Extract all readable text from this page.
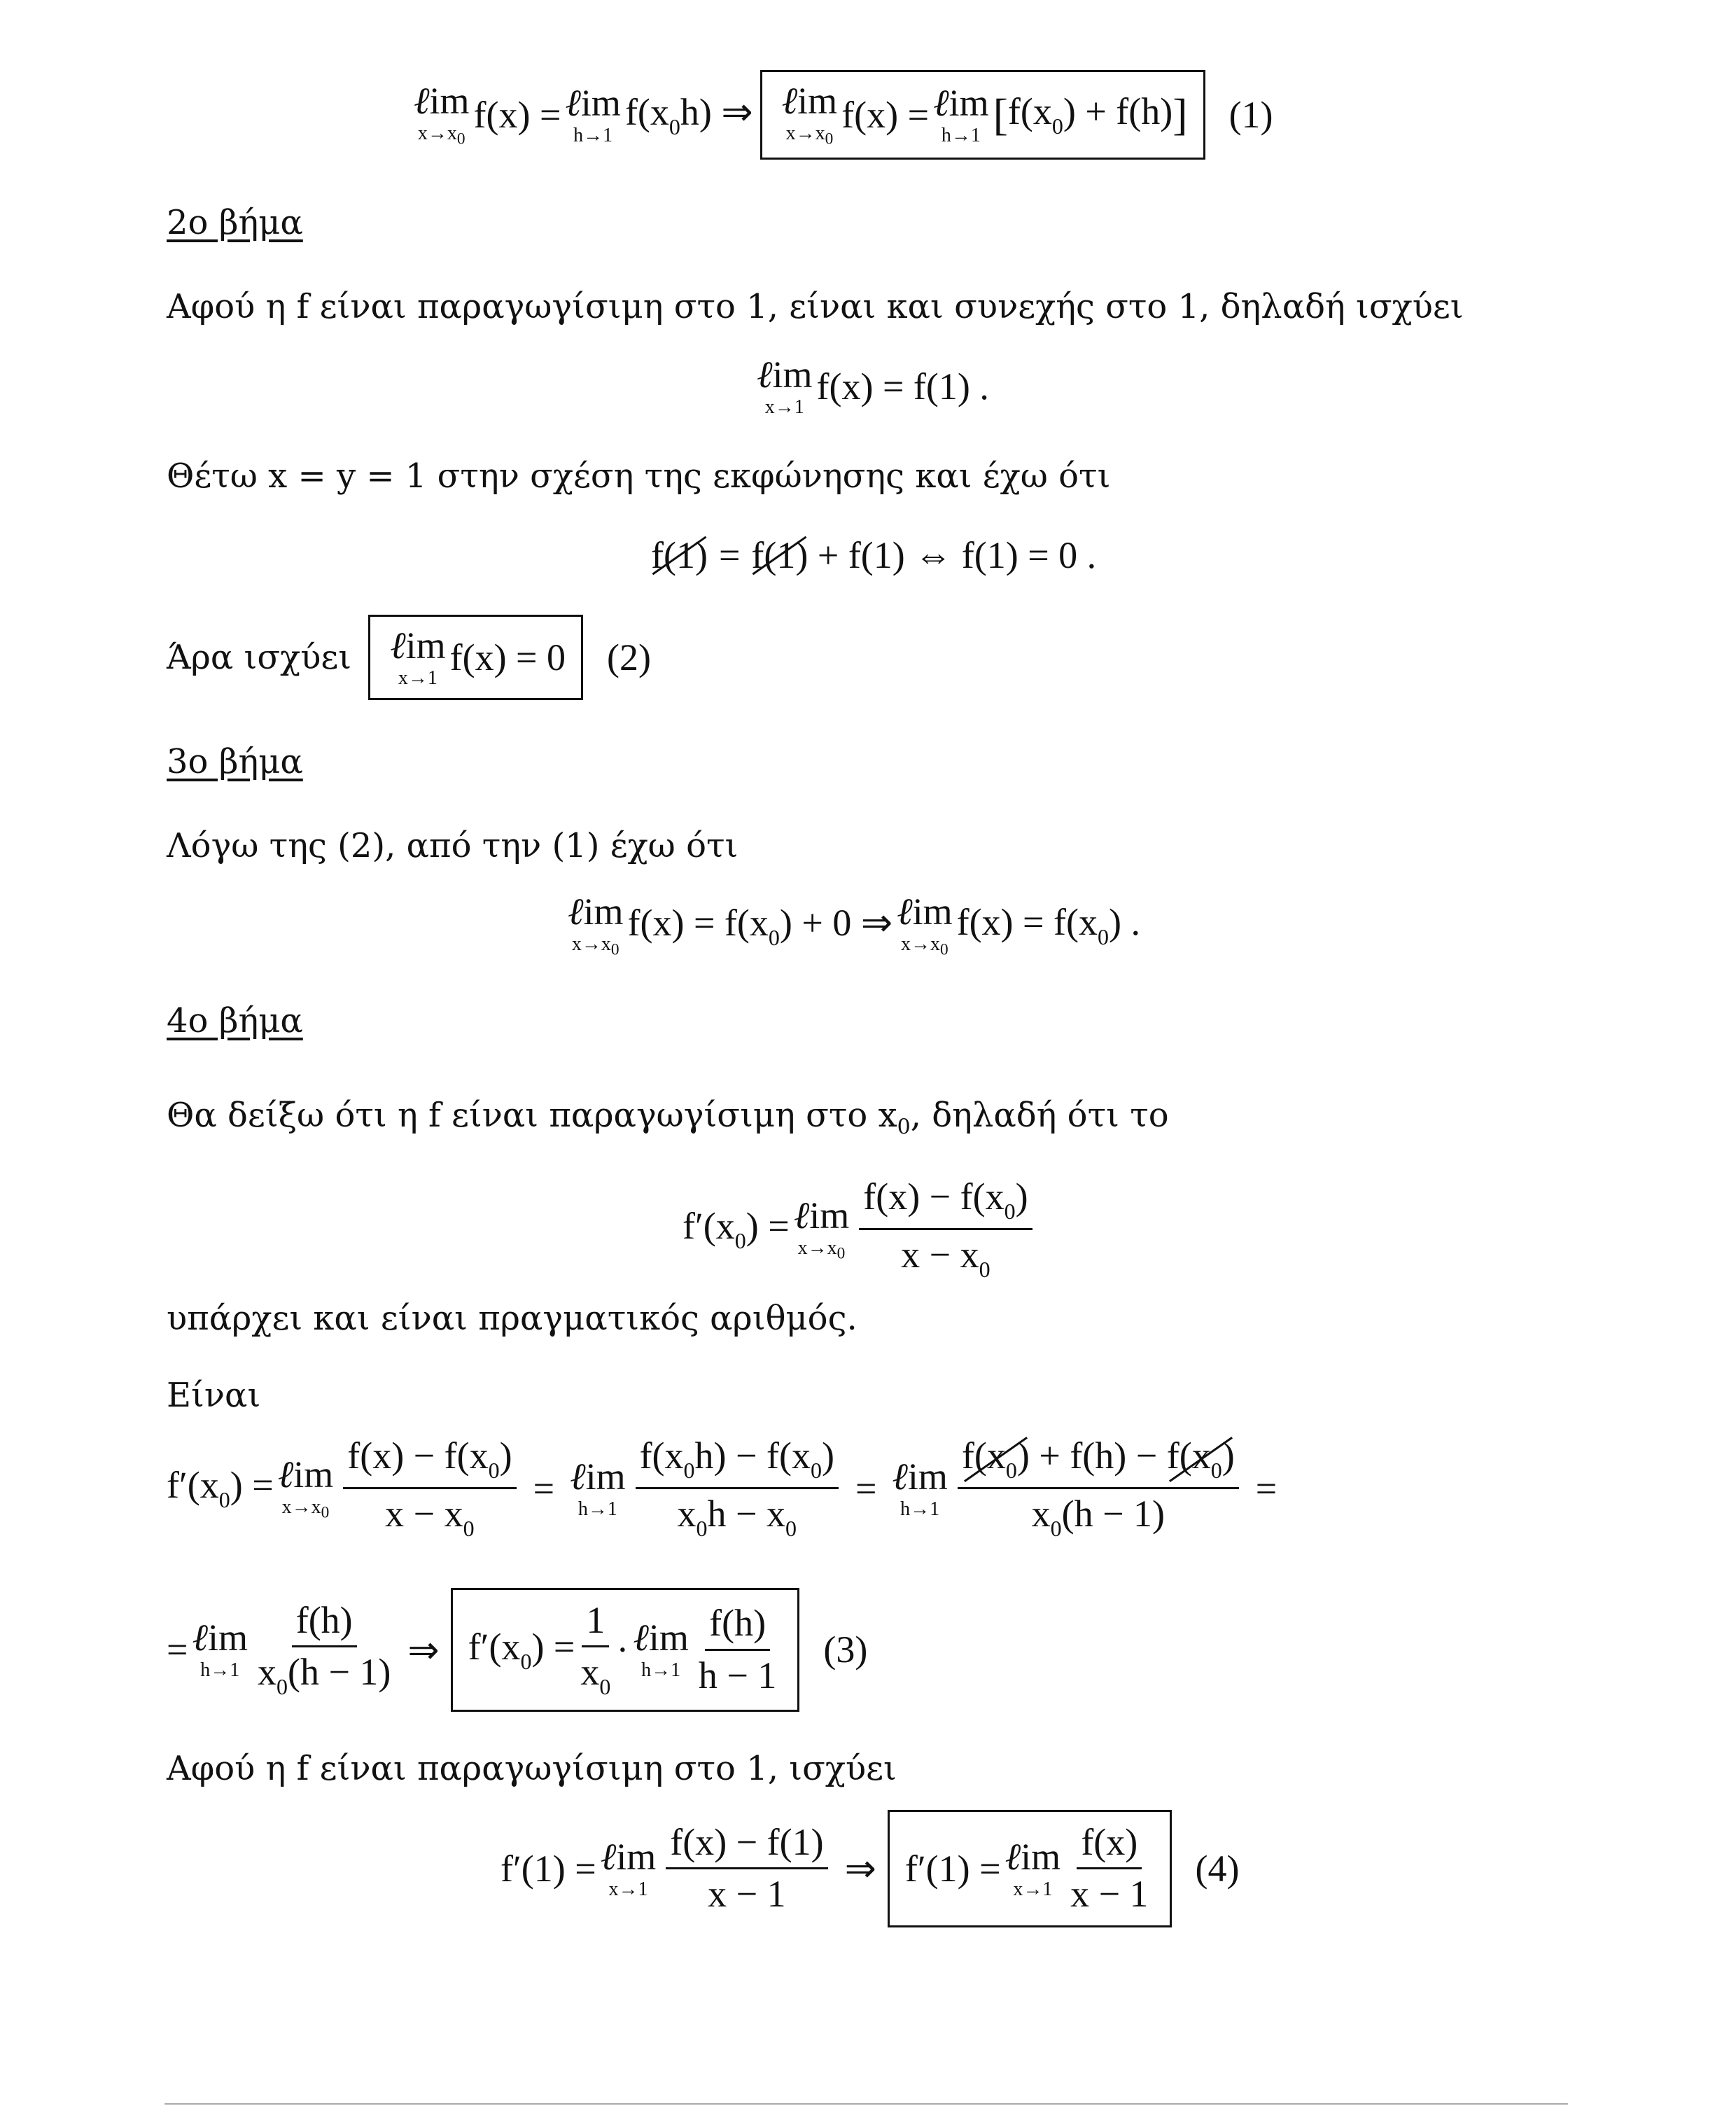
ℓim
$x\to x_0$
f(x) = ℓim
h→1
$f(x_0h)$ ⇒ ℓim
$x\to x_0$
f(x) = ℓim
h→1 [ $f(x_0) + f(h)$ ] (1)
2ο βήμα
Αφού η f είναι παραγωγίσιμη στο 1, είναι και συνεχής στο 1, δηλαδή ισχύει
ℓim
x→1 f(x) = f(1) .
Θέτω x = y = 1 στην σχέση της εκφώνησης και έχω ότι
f(1) = f(1) + f(1) ⇔ f(1) = 0 .
Άρα ισχύει ℓim
x→1 f(x) = 0 (2)
3ο βήμα
Λόγω της (2), από την (1) έχω ότι
ℓim
$x\to x_0$
$f(x) = f(x_0) + 0$ ⇒ ℓim
$x\to x_0$
$f(x) = f(x_0)$ .
4ο βήμα
Θα δείξω ότι η f είναι παραγωγίσιμη στο $x_0$, δηλαδή ότι το
$f'(x_0)$ = ℓim
$x\to x_0 \frac{f(x) - f(x_0)}{x - x_0}$
υπάρχει και είναι πραγματικός αριθμός.
Είναι
$f'(x_0)$ = ℓim
$x\to x_0 \frac{f(x) - f(x_0)}{x - x_0}$ = ℓim
$h\to 1 \frac{f(x_0h) - f(x_0)}{x_0h - x_0}$ = ℓim
$h\to 1 \frac{f(x_0) + f(h) - f(x_0)}{x_0(h - 1)}$ =
= ℓim
$h\to 1 \frac{f(h)}{x_0(h - 1)}$ ⇒ $f'(x_0) = \frac{1}{x_0}$ · ℓim
$h\to 1 \frac{f(h)}{h - 1} (3)$
Αφού η f είναι παραγωγίσιμη στο 1, ισχύει
f′(1) = ℓim
$x\to 1 \frac{f(x) - f(1)}{x - 1}$ ⇒ f′(1) = ℓim
$x\to 1 \frac{f(x)}{x - 1} (4)$
